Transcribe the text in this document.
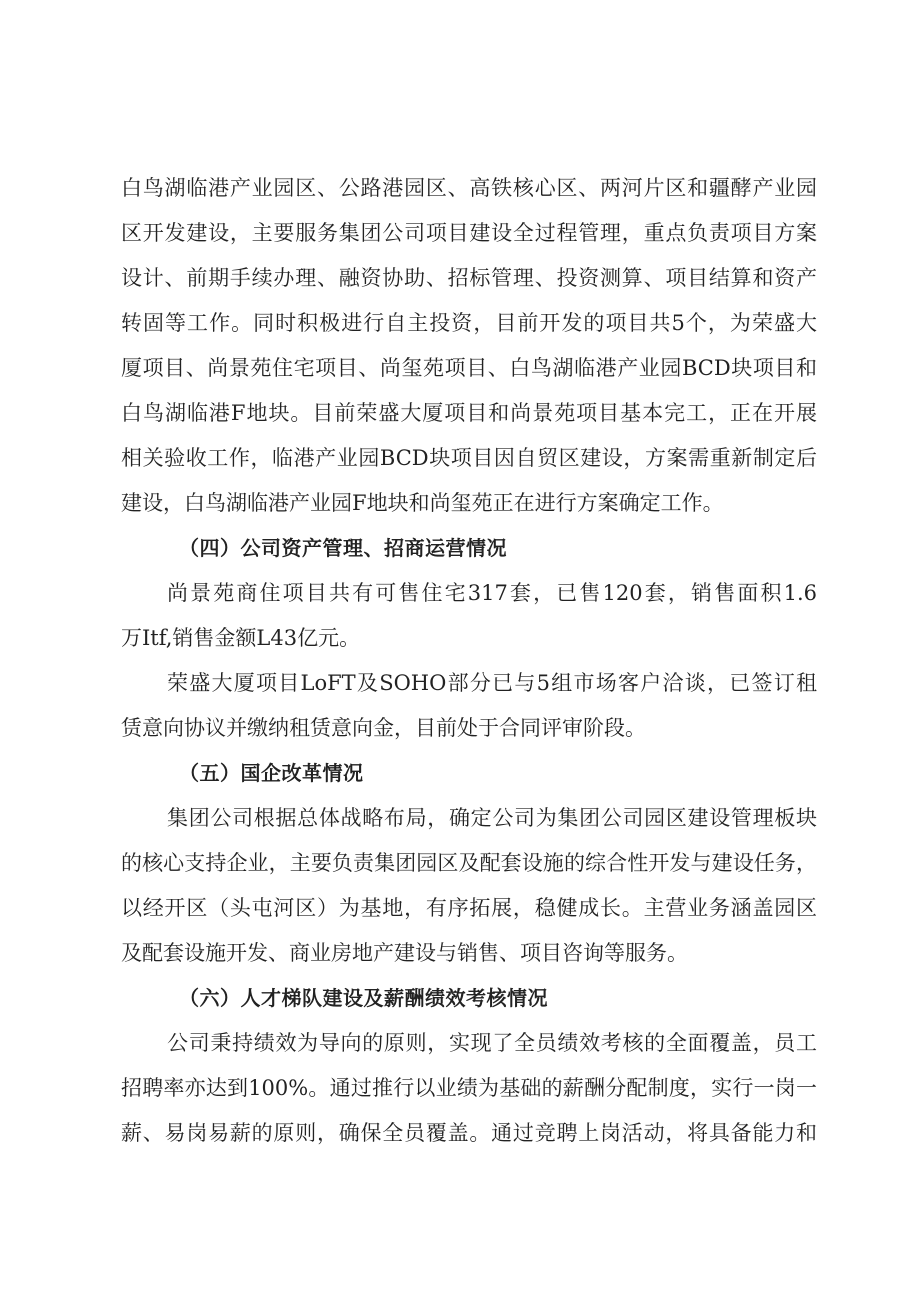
白鸟湖临港产业园区、公路港园区、高铁核心区、两河片区和疆酵产业园
区开发建设，主要服务集团公司项目建设全过程管理，重点负责项目方案
设计、前期手续办理、融资协助、招标管理、投资测算、项目结算和资产
转固等工作。同时积极进行自主投资，目前开发的项目共5个，为荣盛大
厦项目、尚景苑住宅项目、尚玺苑项目、白鸟湖临港产业园BCD块项目和
白鸟湖临港F地块。目前荣盛大厦项目和尚景苑项目基本完工，正在开展
相关验收工作，临港产业园BCD块项目因自贸区建设，方案需重新制定后
建设，白鸟湖临港产业园F地块和尚玺苑正在进行方案确定工作。
（四）公司资产管理、招商运营情况
尚景苑商住项目共有可售住宅317套，已售120套，销售面积1.6
万Itf,销售金额L43亿元。
荣盛大厦项目LoFT及SOHO部分已与5组市场客户洽谈，已签订租
赁意向协议并缴纳租赁意向金，目前处于合同评审阶段。
（五）国企改革情况
集团公司根据总体战略布局，确定公司为集团公司园区建设管理板块
的核心支持企业，主要负责集团园区及配套设施的综合性开发与建设任务，
以经开区（头屯河区）为基地，有序拓展，稳健成长。主营业务涵盖园区
及配套设施开发、商业房地产建设与销售、项目咨询等服务。
（六）人才梯队建设及薪酬绩效考核情况
公司秉持绩效为导向的原则，实现了全员绩效考核的全面覆盖，员工
招聘率亦达到100%。通过推行以业绩为基础的薪酬分配制度，实行一岗一
薪、易岗易薪的原则，确保全员覆盖。通过竞聘上岗活动，将具备能力和
